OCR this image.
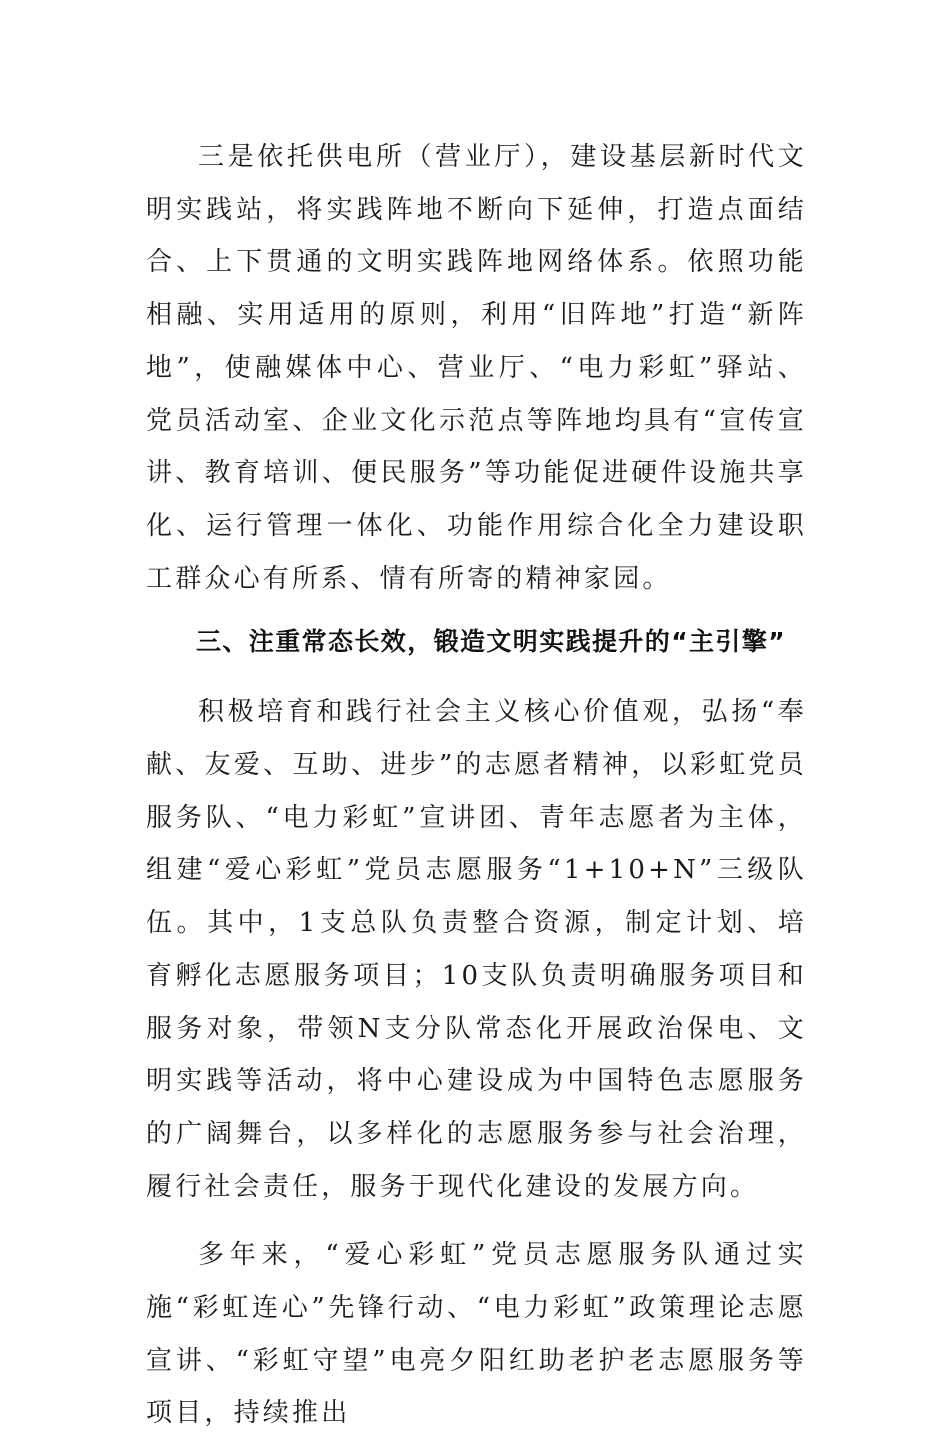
三是依托供电所（营业厅），建设基层新时代文明实践站，将实践阵地不断向下延伸，打造点面结合、上下贯通的文明实践阵地网络体系。依照功能相融、实用适用的原则，利用“旧阵地”打造“新阵地”，使融媒体中心、营业厅、“电力彩虹”驿站、党员活动室、企业文化示范点等阵地均具有“宣传宣讲、教育培训、便民服务”等功能促进硬件设施共享化、运行管理一体化、功能作用综合化全力建设职工群众心有所系、情有所寄的精神家园。

三、注重常态长效，锻造文明实践提升的“主引擎”

积极培育和践行社会主义核心价值观，弘扬“奉献、友爱、互助、进步”的志愿者精神，以彩虹党员服务队、“电力彩虹”宣讲团、青年志愿者为主体，组建“爱心彩虹”党员志愿服务“1+10+N”三级队伍。其中，1支总队负责整合资源，制定计划、培育孵化志愿服务项目；10支队负责明确服务项目和服务对象，带领N支分队常态化开展政治保电、文明实践等活动，将中心建设成为中国特色志愿服务的广阔舞台，以多样化的志愿服务参与社会治理，履行社会责任，服务于现代化建设的发展方向。

多年来，“爱心彩虹”党员志愿服务队通过实施“彩虹连心”先锋行动、“电力彩虹”政策理论志愿宣讲、“彩虹守望”电亮夕阳红助老护老志愿服务等项目，持续推出
